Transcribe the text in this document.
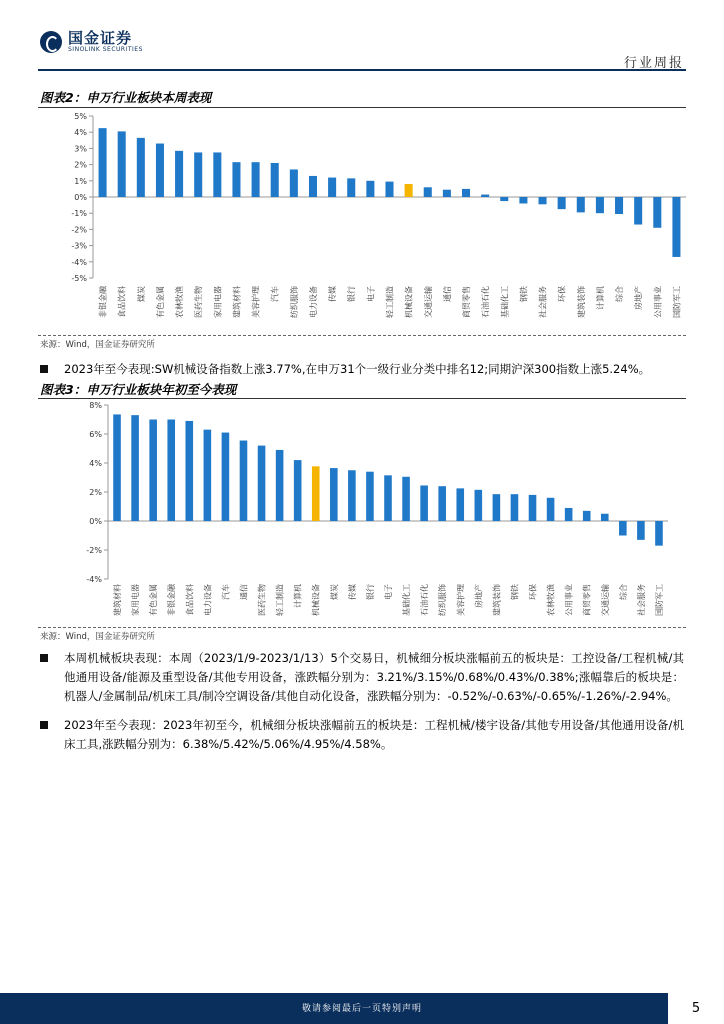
国金证券
SINOLINK SECURITIES
行业周报
图表2：申万行业板块本周表现
5%
4%
3%
2%
1%
0%
-1%
-2%
-3%
-4%
-5%
非银金融 食品饮料 煤炭 有色金属 农林牧渔 医药生物 家用电器 建筑材料 美容护理 汽车 纺织服饰 电力设备 传媒 银行 电子 轻工制造 机械设备 交通运输 通信 商贸零售 石油石化 基础化工 钢铁 社会服务 环保 建筑装饰 计算机 综合 房地产 公用事业 国防军工
来源：Wind，国金证券研究所
2023年至今表现:SW机械设备指数上涨3.77%,在申万31个一级行业分类中排名12;同期沪深300指数上涨5.24%。
图表3：申万行业板块年初至今表现
8%
6%
4%
2%
0%
-2%
-4%
建筑材料 家用电器 有色金属 非银金融 食品饮料 电力设备 汽车 通信 医药生物 轻工制造 计算机 机械设备 煤炭 传媒 银行 电子 基础化工 石油石化 纺织服饰 美容护理 房地产 建筑装饰 钢铁 环保 农林牧渔 公用事业 商贸零售 交通运输 综合 社会服务 国防军工
来源：Wind，国金证券研究所
本周机械板块表现：本周（2023/1/9-2023/1/13）5个交易日，机械细分板块涨幅前五的板块是：工控设备/工程机械/其他通用设备/能源及重型设备/其他专用设备，涨跌幅分别为：3.21%/3.15%/0.68%/0.43%/0.38%;涨幅靠后的板块是：机器人/金属制品/机床工具/制冷空调设备/其他自动化设备，涨跌幅分别为：-0.52%/-0.63%/-0.65%/-1.26%/-2.94%。
2023年至今表现：2023年初至今，机械细分板块涨幅前五的板块是：工程机械/楼宇设备/其他专用设备/其他通用设备/机床工具,涨跌幅分别为：6.38%/5.42%/5.06%/4.95%/4.58%。
敬请参阅最后一页特别声明	5
